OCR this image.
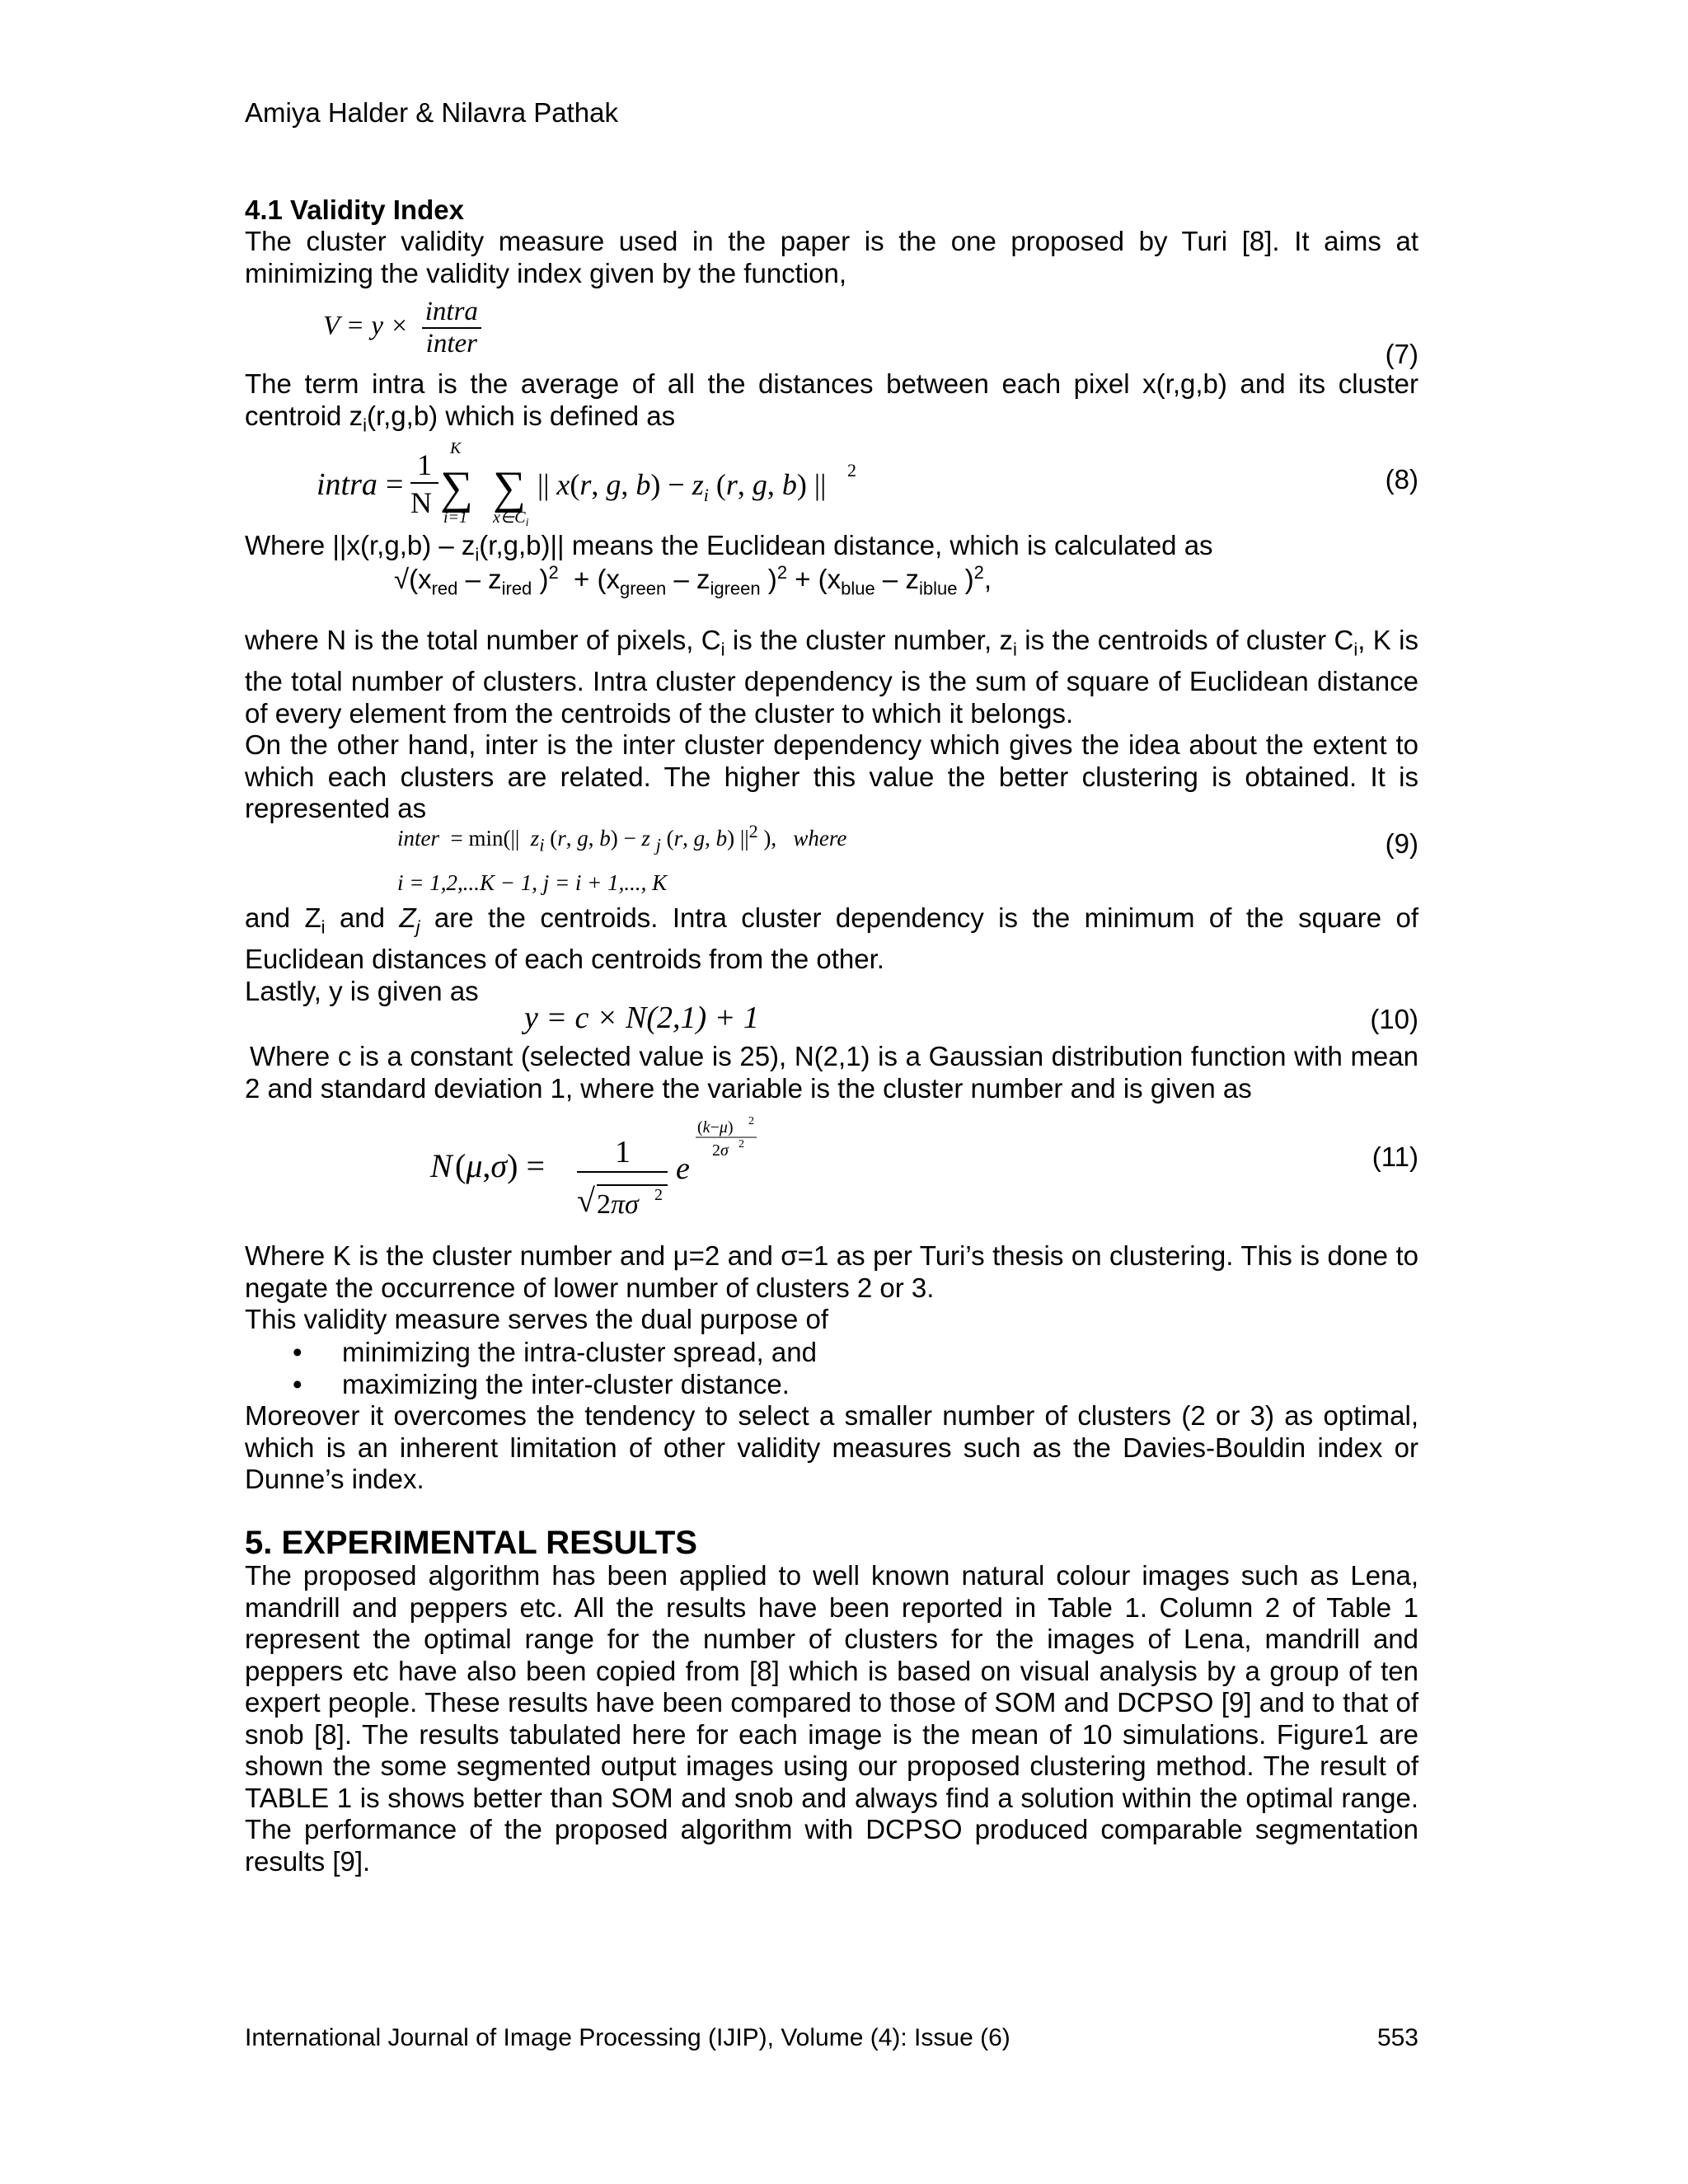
Amiya Halder & Nilavra Pathak
4.1 Validity Index

The cluster validity measure used in the paper is the one proposed by Turi [8]. It aims at minimizing the validity index given by the function,

$V = y \times \frac{\text{intra}}{\text{inter}}$	(7)

The term intra is the average of all the distances between each pixel x(r,g,b) and its cluster centroid $z_i(r,g,b)$ which is defined as

intra =
1
N ∑
K
i=1
∑
$x\in C_i$
|| x(r, g, $b) - z_i$ (r, g, b) || 2	(8)

Where $||x(r,g,b) - z_i(r,g,b)||$ means the Euclidean distance, which is calculated as

$√(x_{red} - z_{ired}$ )$^2 + (x_{green} - z_{igreen}$ )$^2 + (x_{blue} - z_{iblue}$ )$^2$,

where N is the total number of pixels, $C_i$ is the cluster number, $z_i$ is the centroids of cluster $C_i$, K is the total number of clusters. Intra cluster dependency is the sum of square of Euclidean distance of every element from the centroids of the cluster to which it belongs.

On the other hand, inter is the inter cluster dependency which gives the idea about the extent to which each clusters are related. The higher this value the better clustering is obtained. It is represented as

inter  = min(||  $z_i$ (r, g, b) − z $_j$ (r, g, b) $||^2$ ),   where	(9)
i = 1,2,...K − 1, j = i + 1,..., K

and $Z_i$ and $Z_j$ are the centroids. Intra cluster dependency is the minimum of the square of Euclidean distances of each centroids from the other.

Lastly, y is given as

y = c × N(2,1) + 1	(10)

Where c is a constant (selected value is 25), N(2,1) is a Gaussian distribution function with mean 2 and standard deviation 1, where the variable is the cluster number and is given as

N (μ,σ) = 1
√ 2πσ 2
e
(k−μ) 2
2σ 2	(11)

Where K is the cluster number and μ=2 and σ=1 as per Turi’s thesis on clustering. This is done to negate the occurrence of lower number of clusters 2 or 3.

This validity measure serves the dual purpose of

• minimizing the intra-cluster spread, and
• maximizing the inter-cluster distance.

Moreover it overcomes the tendency to select a smaller number of clusters (2 or 3) as optimal, which is an inherent limitation of other validity measures such as the Davies-Bouldin index or Dunne’s index.

5. EXPERIMENTAL RESULTS

The proposed algorithm has been applied to well known natural colour images such as Lena, mandrill and peppers etc. All the results have been reported in Table 1. Column 2 of Table 1 represent the optimal range for the number of clusters for the images of Lena, mandrill and peppers etc have also been copied from [8] which is based on visual analysis by a group of ten expert people. These results have been compared to those of SOM and DCPSO [9] and to that of snob [8]. The results tabulated here for each image is the mean of 10 simulations. Figure1 are shown the some segmented output images using our proposed clustering method. The result of TABLE 1 is shows better than SOM and snob and always find a solution within the optimal range. The performance of the proposed algorithm with DCPSO produced comparable segmentation results [9].

International Journal of Image Processing (IJIP), Volume (4): Issue (6)	553
